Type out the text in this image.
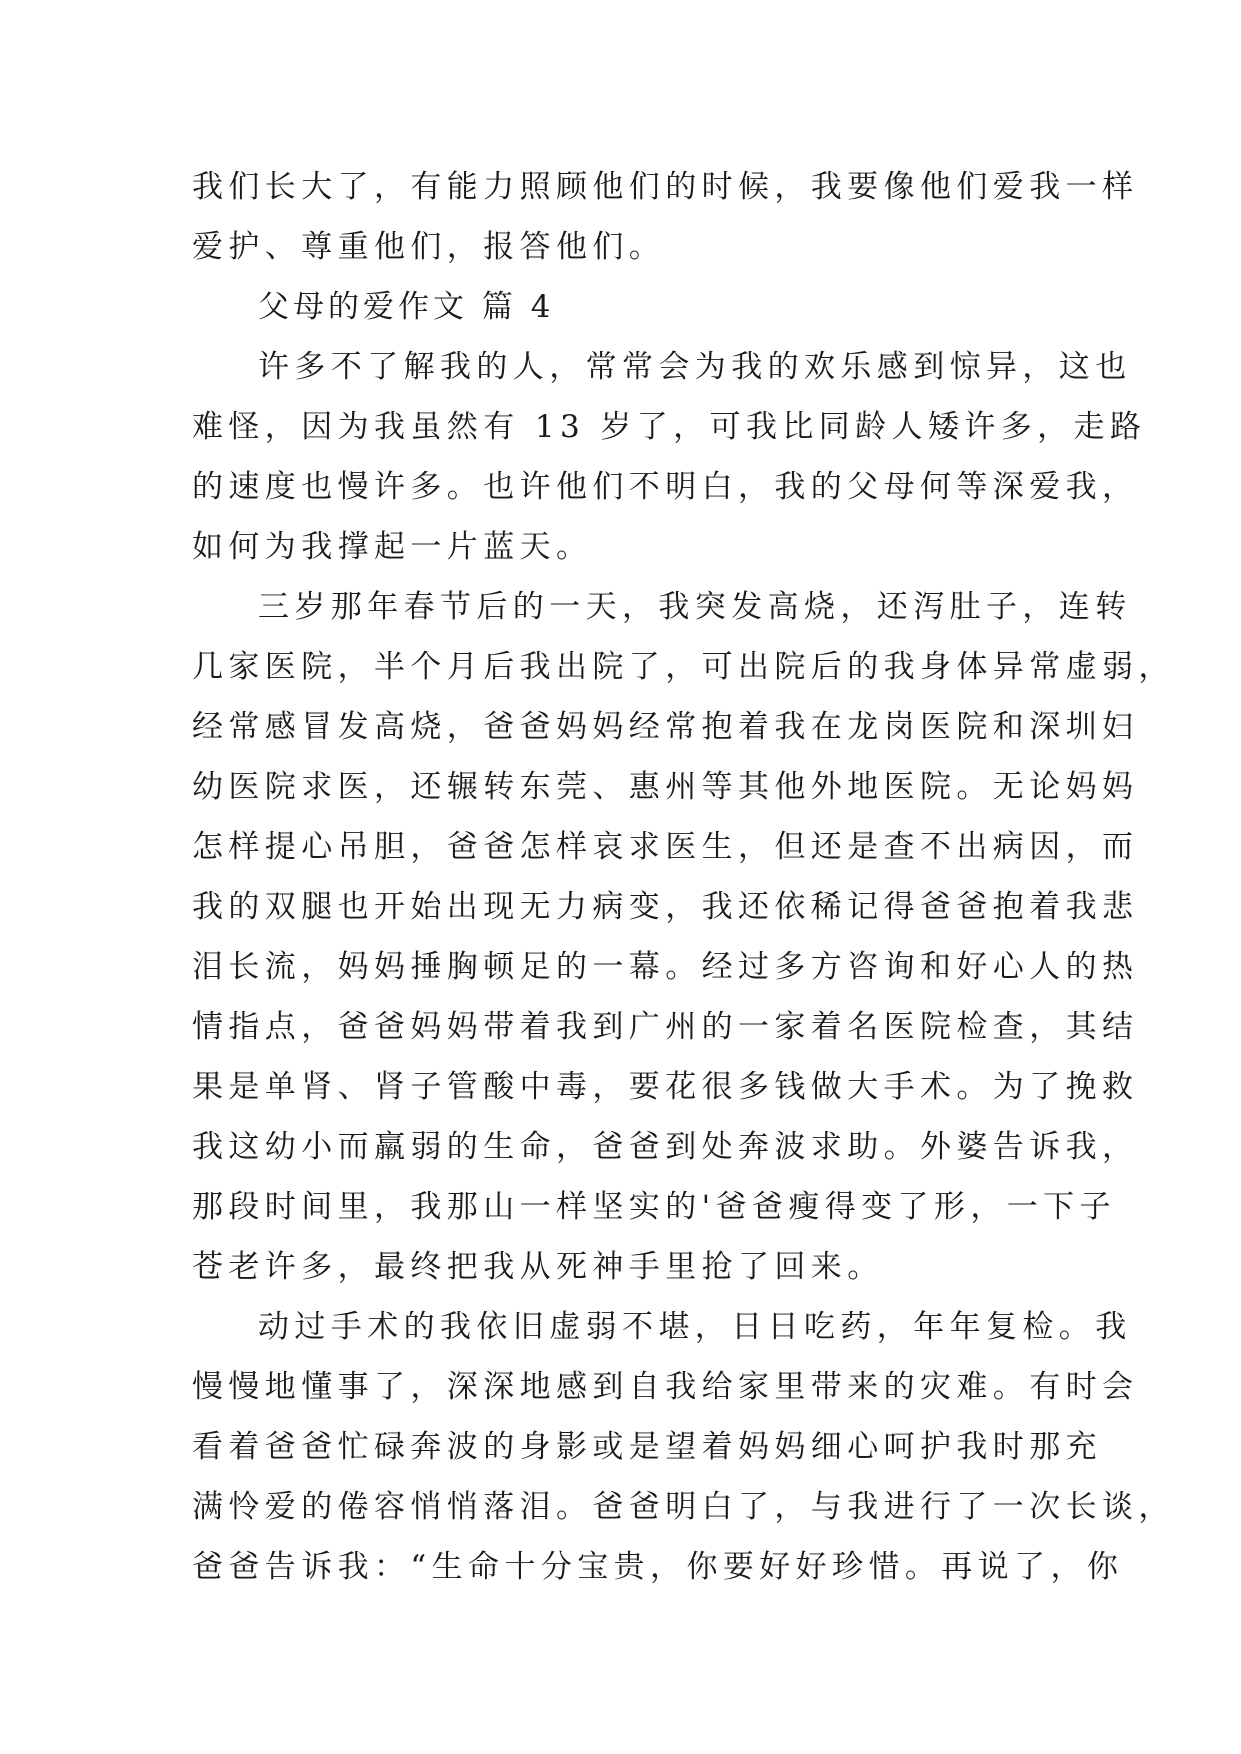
我们长大了，有能力照顾他们的时候，我要像他们爱我一样
爱护、尊重他们，报答他们。
父母的爱作文 篇 4
许多不了解我的人，常常会为我的欢乐感到惊异，这也
难怪，因为我虽然有 13 岁了，可我比同龄人矮许多，走路
的速度也慢许多。也许他们不明白，我的父母何等深爱我，
如何为我撑起一片蓝天。
三岁那年春节后的一天，我突发高烧，还泻肚子，连转
几家医院，半个月后我出院了，可出院后的我身体异常虚弱，
经常感冒发高烧，爸爸妈妈经常抱着我在龙岗医院和深圳妇
幼医院求医，还辗转东莞、惠州等其他外地医院。无论妈妈
怎样提心吊胆，爸爸怎样哀求医生，但还是查不出病因，而
我的双腿也开始出现无力病变，我还依稀记得爸爸抱着我悲
泪长流，妈妈捶胸顿足的一幕。经过多方咨询和好心人的热
情指点，爸爸妈妈带着我到广州的一家着名医院检查，其结
果是单肾、肾子管酸中毒，要花很多钱做大手术。为了挽救
我这幼小而羸弱的生命，爸爸到处奔波求助。外婆告诉我，
那段时间里，我那山一样坚实的'爸爸瘦得变了形，一下子
苍老许多，最终把我从死神手里抢了回来。
动过手术的我依旧虚弱不堪，日日吃药，年年复检。我
慢慢地懂事了，深深地感到自我给家里带来的灾难。有时会
看着爸爸忙碌奔波的身影或是望着妈妈细心呵护我时那充
满怜爱的倦容悄悄落泪。爸爸明白了，与我进行了一次长谈，
爸爸告诉我：“生命十分宝贵，你要好好珍惜。再说了，你
